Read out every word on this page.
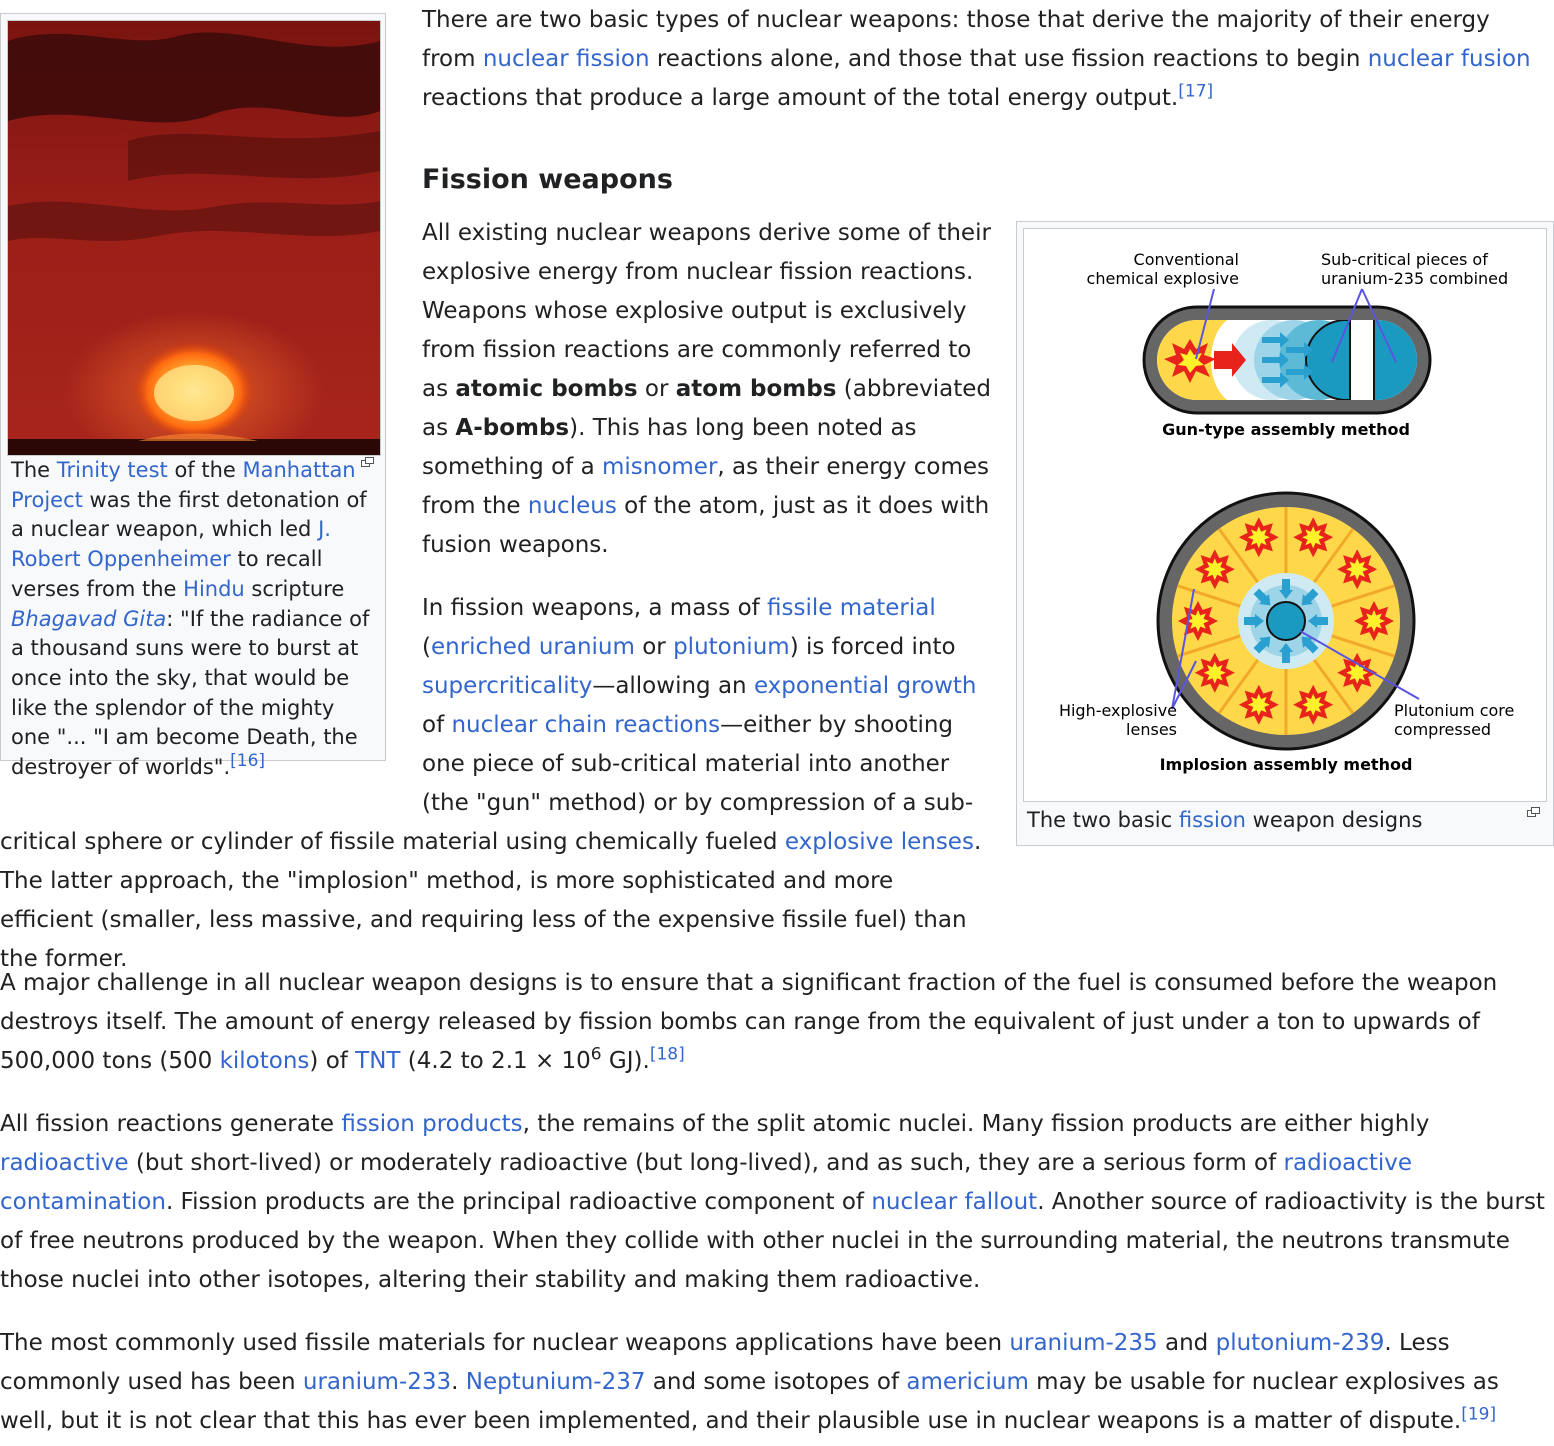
There are two basic types of nuclear weapons: those that derive the majority of their energy from nuclear fission reactions alone, and those that use fission reactions to begin nuclear fusion reactions that produce a large amount of the total energy output.[17]

Fission weapons
The Trinity test of the Manhattan Project was the first detonation of a nuclear weapon, which led J. Robert Oppenheimer to recall verses from the Hindu scripture Bhagavad Gita: "If the radiance of a thousand suns were to burst at once into the sky, that would be like the splendor of the mighty one "... "I am become Death, the destroyer of worlds".[16]
Conventional
chemical explosive
Sub-critical pieces of
uranium-235 combined
Gun-type assembly method
High-explosive
lenses
Plutonium core
compressed
Implosion assembly method
The two basic fission weapon designs

All existing nuclear weapons derive some of their explosive energy from nuclear fission reactions. Weapons whose explosive output is exclusively from fission reactions are commonly referred to as atomic bombs or atom bombs (abbreviated as A-bombs). This has long been noted as something of a misnomer, as their energy comes from the nucleus of the atom, just as it does with fusion weapons.

In fission weapons, a mass of fissile material (enriched uranium or plutonium) is forced into supercriticality—allowing an exponential growth of nuclear chain reactions—either by shooting one piece of sub-critical material into another (the "gun" method) or by compression of a sub-

critical sphere or cylinder of fissile material using chemically fueled explosive lenses. The latter approach, the "implosion" method, is more sophisticated and more efficient (smaller, less massive, and requiring less of the expensive fissile fuel) than the former.

A major challenge in all nuclear weapon designs is to ensure that a significant fraction of the fuel is consumed before the weapon destroys itself. The amount of energy released by fission bombs can range from the equivalent of just under a ton to upwards of 500,000 tons (500 kilotons) of TNT (4.2 to $2.1 \times 10^6$ GJ).[18]

All fission reactions generate fission products, the remains of the split atomic nuclei. Many fission products are either highly radioactive (but short-lived) or moderately radioactive (but long-lived), and as such, they are a serious form of radioactive contamination. Fission products are the principal radioactive component of nuclear fallout. Another source of radioactivity is the burst of free neutrons produced by the weapon. When they collide with other nuclei in the surrounding material, the neutrons transmute those nuclei into other isotopes, altering their stability and making them radioactive.

The most commonly used fissile materials for nuclear weapons applications have been uranium-235 and plutonium-239. Less commonly used has been uranium-233. Neptunium-237 and some isotopes of americium may be usable for nuclear explosives as well, but it is not clear that this has ever been implemented, and their plausible use in nuclear weapons is a matter of dispute.[19]
